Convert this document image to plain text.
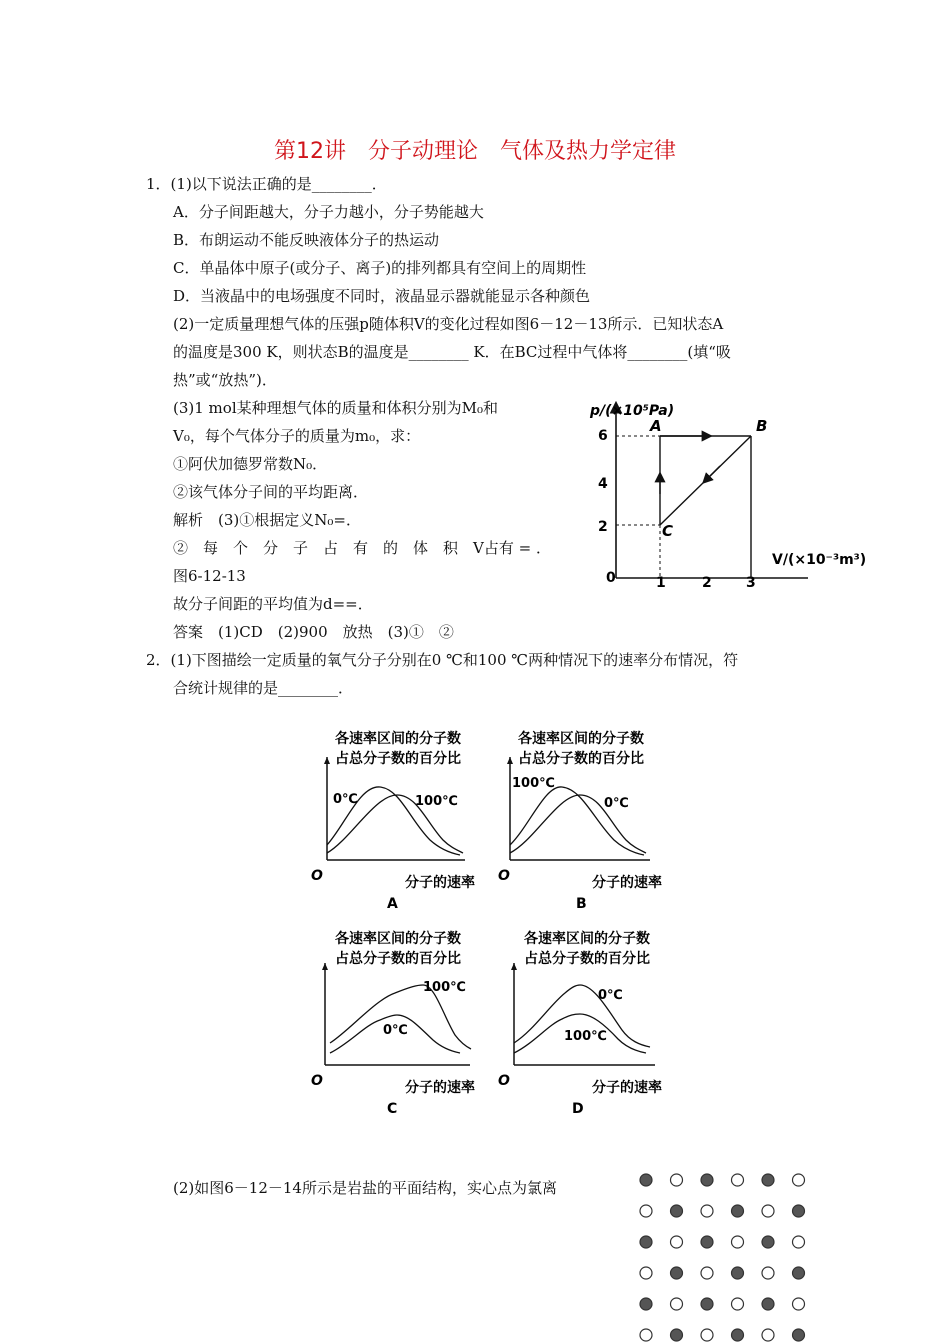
第12讲　分子动理论　气体及热力学定律
1．(1)以下说法正确的是________．
A．分子间距越大，分子力越小，分子势能越大
B．布朗运动不能反映液体分子的热运动
C．单晶体中原子(或分子、离子)的排列都具有空间上的周期性
D．当液晶中的电场强度不同时，液晶显示器就能显示各种颜色
(2)一定质量理想气体的压强p随体积V的变化过程如图6－12－13所示．已知状态A
的温度是300 K，则状态B的温度是________ K．在BC过程中气体将________(填“吸
热”或“放热”)．
(3)1 mol某种理想气体的质量和体积分别为M₀和
V₀，每个气体分子的质量为m₀，求：
①阿伏加德罗常数N₀．
②该气体分子间的平均距离．
解析　(3)①根据定义N₀=．
②　每　个　分　子　占　有　的　体　积　V占有 = ．
图6-12-13
故分子间距的平均值为d==．
答案　(1)CD　(2)900　放热　(3)①　②
p/(×10⁵Pa)
V/(×10⁻³m³)
0
6
4
2
1	2 3
A	B
C
2．(1)下图描绘一定质量的氧气分子分别在0 ℃和100 ℃两种情况下的速率分布情况，符
合统计规律的是________．
各速率区间的分子数
占总分子数的百分比
0℃	100℃
O	分子的速率
A
各速率区间的分子数
占总分子数的百分比
100℃
0℃
O	分子的速率
B
各速率区间的分子数
占总分子数的百分比
100℃
0℃
O	分子的速率
C
各速率区间的分子数
占总分子数的百分比
0℃
100℃
O	分子的速率
D
(2)如图6－12－14所示是岩盐的平面结构，实心点为氯离
